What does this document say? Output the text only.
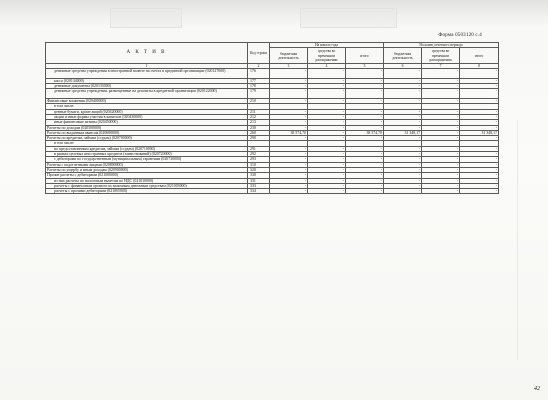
Форма 0503120 с.4
А К Т И В	Код строки	На начало года			На конец отчетного периода		
		бюджетная деятельность	средства во временном распоряжении	итого	бюджетная деятельность	средства во временном распоряжении	итого
1	2	3	4	5	6	7	8
денежные средства учреждения в иностранной валюте на счетах в кредитной организации (020127000)	176	-	-	-	-	-	-
касса (020134000)	177	-	-	-	-	-	-
денежные документы (020135000)	178	-	-	-	-	-	-
денежные средства учреждения, размещенные на депозиты в кредитной организации (020122000)	179	-	-	-	-	-	-
Финансовые вложения (020400000)	210	-	-	-	-	-	-
в том числе:							
ценные бумаги, кроме акций (020420000)	211	-	-	-	-	-	-
акции и иные формы участия в капитале (020430000)	212	-	-	-	-	-	-
иные финансовые активы (020450000)	213	-	-	-	-	-	-
Расчеты по доходам (020500000)	230	-	-	-	-	-	-
Расчеты по выданным авансам (020600000)	260	38 574,70	-	38 574,70	31 348,17	-	31 348,17
Расчеты по кредитам, займам (ссудам) (020700000)	290	-	-	-	-	-	-
в том числе:							
по предоставленным кредитам, займам (ссудам) (020710000)	291	-	-	-	-	-	-
в рамках целевых иностранных кредитов (заимствований) (020720000)	292	-	-	-	-	-	-
с дебиторами по государственным (муниципальным) гарантиям (020730000)	293	-	-	-	-	-	-
Расчеты с подотчетными лицами (020800000)	310	-	-	-	-	-	-
Расчеты по ущербу и иным доходам (020900000)	320	-	-	-	-	-	-
Прочие расчеты с дебиторами (021000000)	330	-	-	-	-	-	-
из них расчеты по налоговым вычетам по НДС (021010000)	331	-	-	-	-	-	-
расчеты с финансовым органом по наличным денежным средствам (021003000)	333	-	-	-	-	-	-
расчеты с прочими дебиторами (021005000)	334	-	-	-	-	-	-
42
